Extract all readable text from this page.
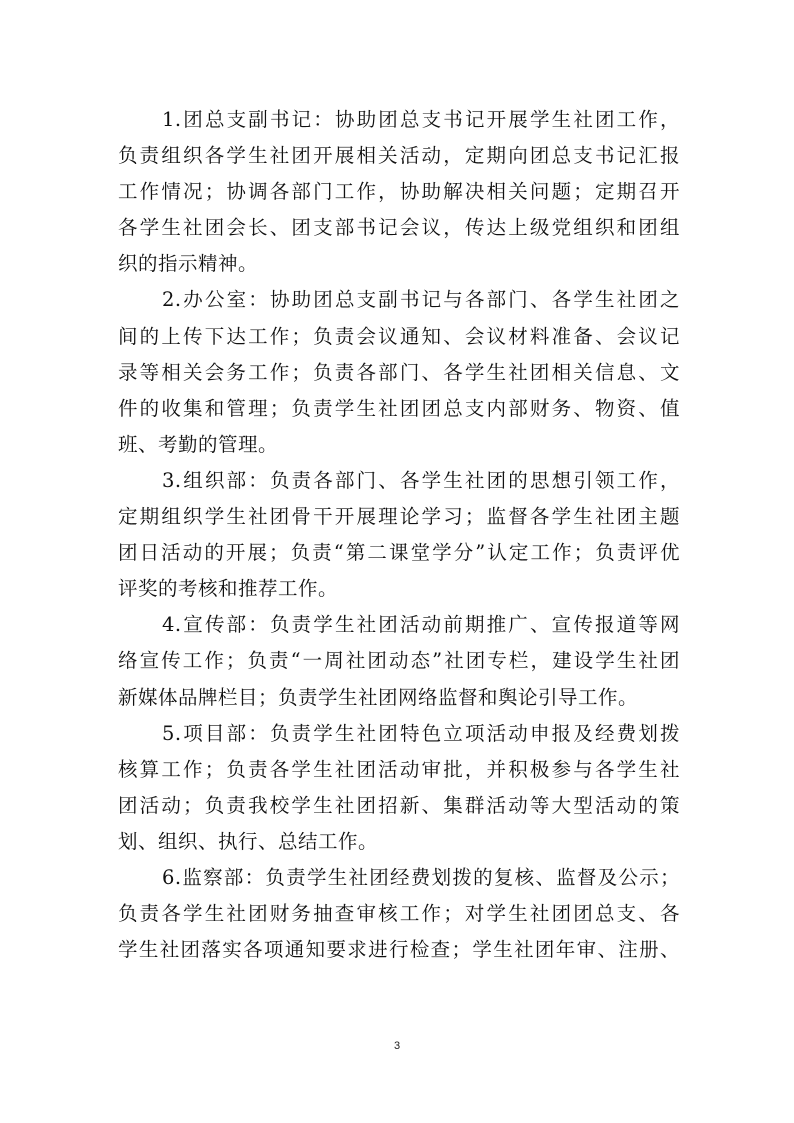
1.团总支副书记：协助团总支书记开展学生社团工作，
负责组织各学生社团开展相关活动，定期向团总支书记汇报
工作情况；协调各部门工作，协助解决相关问题；定期召开
各学生社团会长、团支部书记会议，传达上级党组织和团组
织的指示精神。

2.办公室：协助团总支副书记与各部门、各学生社团之
间的上传下达工作；负责会议通知、会议材料准备、会议记
录等相关会务工作；负责各部门、各学生社团相关信息、文
件的收集和管理；负责学生社团团总支内部财务、物资、值
班、考勤的管理。

3.组织部：负责各部门、各学生社团的思想引领工作，
定期组织学生社团骨干开展理论学习；监督各学生社团主题
团日活动的开展；负责“第二课堂学分”认定工作；负责评优
评奖的考核和推荐工作。

4.宣传部：负责学生社团活动前期推广、宣传报道等网
络宣传工作；负责“一周社团动态”社团专栏，建设学生社团
新媒体品牌栏目；负责学生社团网络监督和舆论引导工作。

5.项目部：负责学生社团特色立项活动申报及经费划拨
核算工作；负责各学生社团活动审批，并积极参与各学生社
团活动；负责我校学生社团招新、集群活动等大型活动的策
划、组织、执行、总结工作。

6.监察部：负责学生社团经费划拨的复核、监督及公示；
负责各学生社团财务抽查审核工作；对学生社团团总支、各
学生社团落实各项通知要求进行检查；学生社团年审、注册、

3
